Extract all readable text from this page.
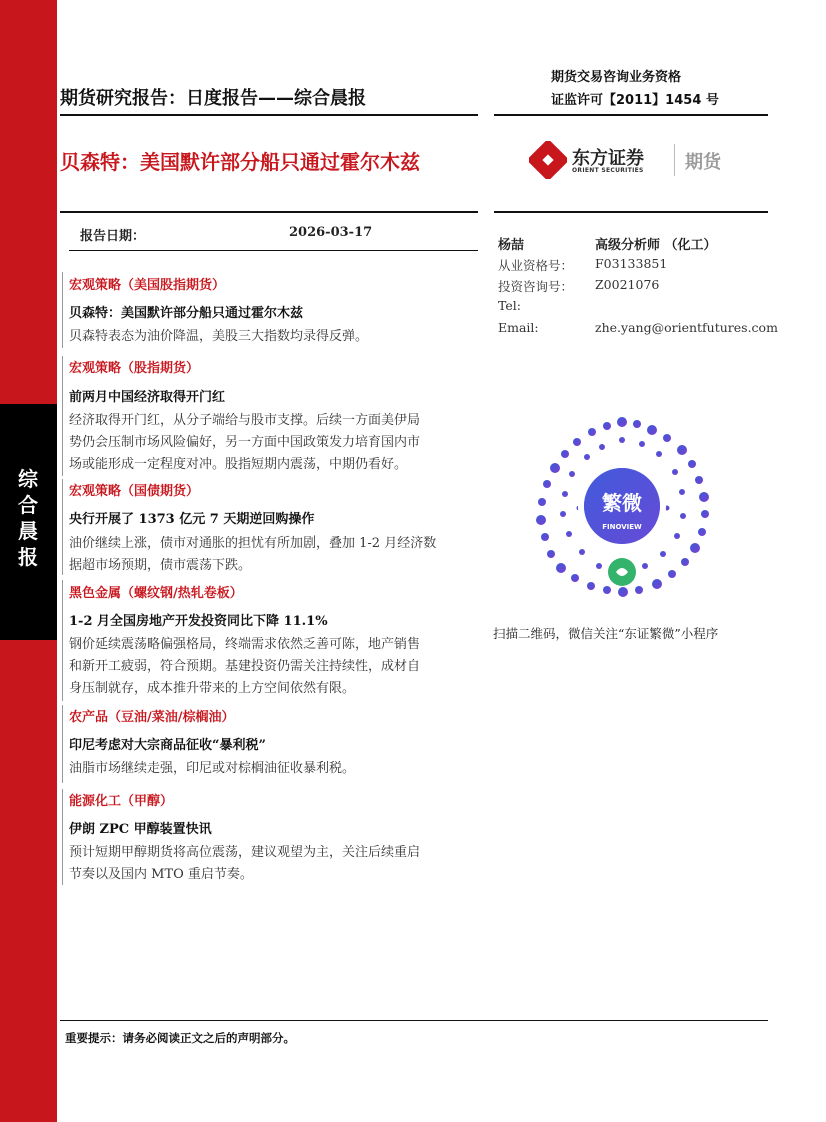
综
合
晨
报
期货交易咨询业务资格
证监许可【2011】1454 号
期货研究报告：日度报告——综合晨报
贝森特：美国默许部分船只通过霍尔木兹	东方证券
ORIENT SECURITIES 期货
报告日期：	2026-03-17
杨喆	高级分析师 （化工）
从业资格号： F03133851
投资咨询号： Z0021076
Tel:
Email:	zhe.yang@orientfutures.com
宏观策略（美国股指期货）
贝森特：美国默许部分船只通过霍尔木兹
贝森特表态为油价降温，美股三大指数均录得反弹。
宏观策略（股指期货）
前两月中国经济取得开门红
经济取得开门红，从分子端给与股市支撑。后续一方面美伊局
势仍会压制市场风险偏好，另一方面中国政策发力培育国内市
场或能形成一定程度对冲。股指短期内震荡，中期仍看好。
宏观策略（国债期货）
央行开展了 1373 亿元 7 天期逆回购操作
油价继续上涨，债市对通胀的担忧有所加剧，叠加 1-2 月经济数
据超市场预期，债市震荡下跌。
黑色金属（螺纹钢/热轧卷板）
1-2 月全国房地产开发投资同比下降 11.1%
钢价延续震荡略偏强格局，终端需求依然乏善可陈，地产销售
和新开工疲弱，符合预期。基建投资仍需关注持续性，成材自
身压制就存，成本推升带来的上方空间依然有限。
农产品（豆油/菜油/棕榈油）
印尼考虑对大宗商品征收“暴利税”
油脂市场继续走强，印尼或对棕榈油征收暴利税。
能源化工（甲醇）
伊朗 ZPC 甲醇装置快讯
预计短期甲醇期货将高位震荡，建议观望为主，关注后续重启
节奏以及国内 MTO 重启节奏。
繁微
FINOVIEW
扫描二维码，微信关注“东证繁微”小程序
重要提示：请务必阅读正文之后的声明部分。
